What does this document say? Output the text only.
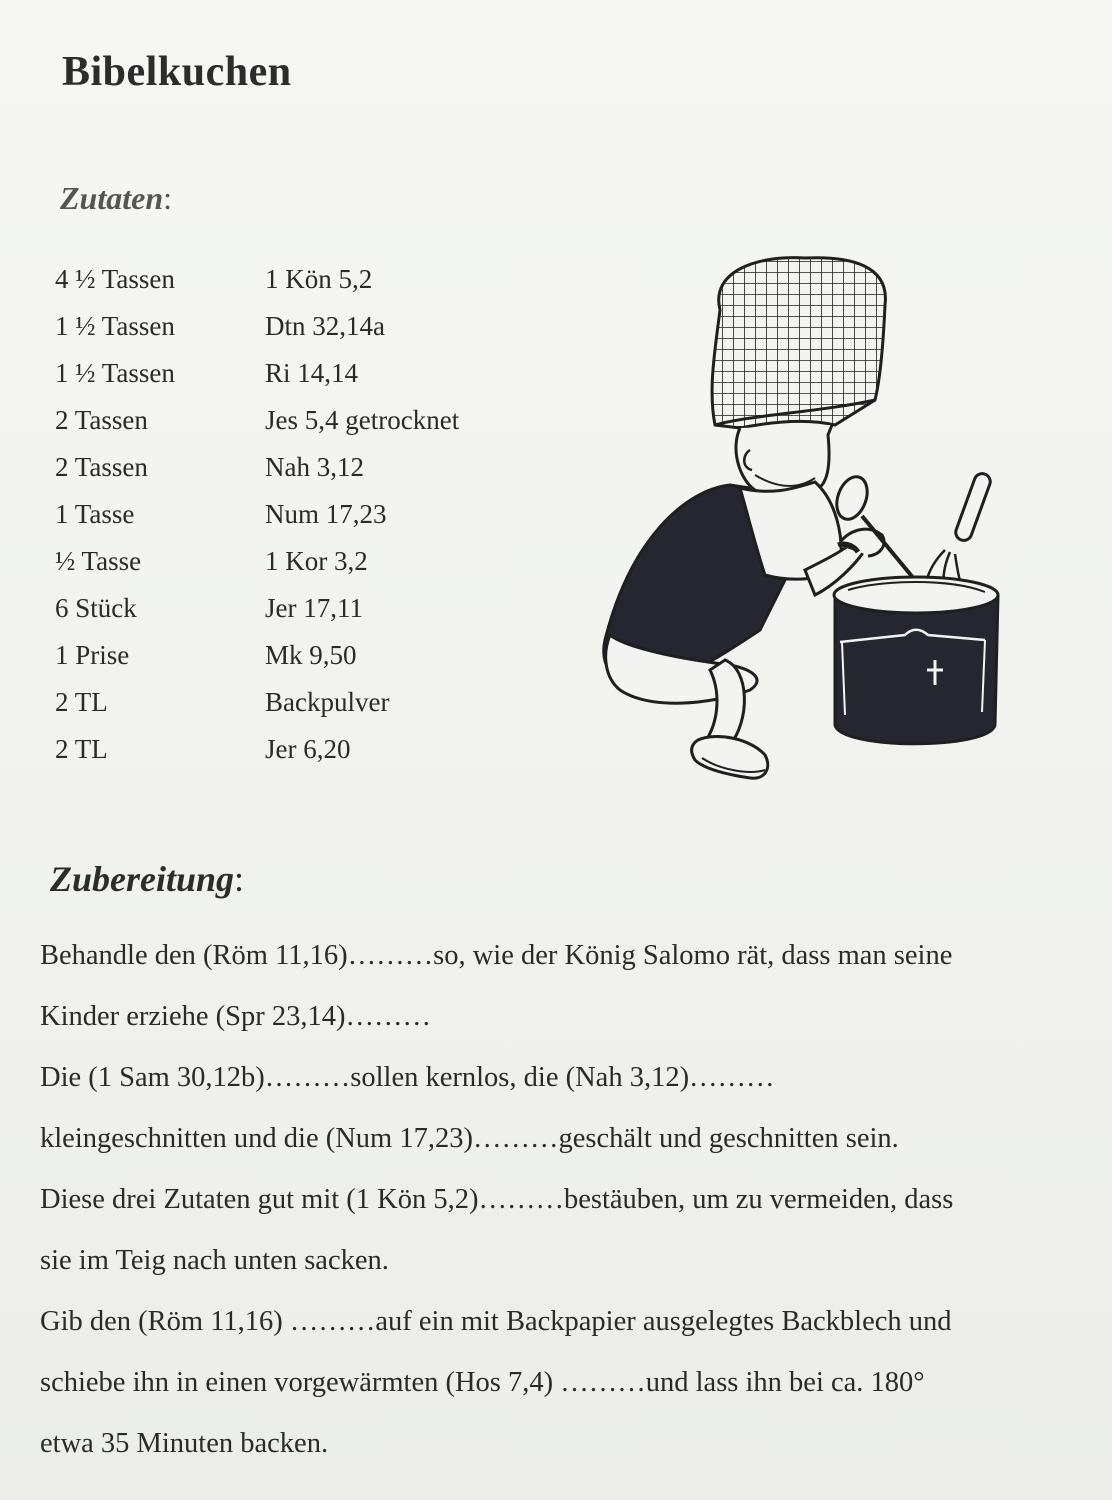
Bibelkuchen
Zutaten:
4 ½ Tassen	1 Kön 5,2
1 ½ Tassen	Dtn 32,14a
1 ½ Tassen	Ri 14,14
2 Tassen	Jes 5,4 getrocknet
2 Tassen	Nah 3,12
1 Tasse	Num 17,23
½ Tasse	1 Kor 3,2
6 Stück	Jer 17,11
1 Prise	Mk 9,50
2 TL	Backpulver
2 TL	Jer 6,20
Zubereitung:

Behandle den (Röm 11,16)………so, wie der König Salomo rät, dass man seine
Kinder erziehe (Spr 23,14)………
Die (1 Sam 30,12b)………sollen kernlos, die (Nah 3,12)………
kleingeschnitten und die (Num 17,23)………geschält und geschnitten sein.
Diese drei Zutaten gut mit (1 Kön 5,2)………bestäuben, um zu vermeiden, dass
sie im Teig nach unten sacken.
Gib den (Röm 11,16) ………auf ein mit Backpapier ausgelegtes Backblech und
schiebe ihn in einen vorgewärmten (Hos 7,4) ………und lass ihn bei ca. 180°
etwa 35 Minuten backen.
